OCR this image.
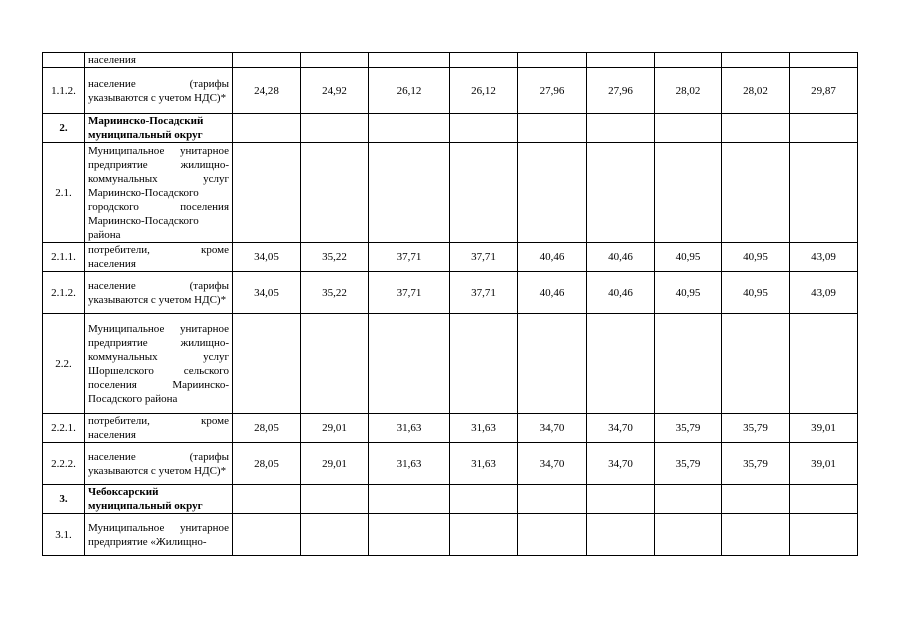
	населения									
1.1.2.	население (тарифы указываются с учетом НДС)*	24,28	24,92	26,12	26,12	27,96	27,96	28,02	28,02	29,87
2.	Мариинско-Посадский муниципальный округ									
2.1.	Муниципальное унитарное предприятие жилищно-коммунальных услуг Мариинско-Посадского городского поселения Мариинско-Посадского района									
2.1.1.	потребители, кроме населения	34,05	35,22	37,71	37,71	40,46	40,46	40,95	40,95	43,09
2.1.2.	население (тарифы указываются с учетом НДС)*	34,05	35,22	37,71	37,71	40,46	40,46	40,95	40,95	43,09
2.2.	Муниципальное унитарное предприятие жилищно- коммунальных услуг Шоршелского сельского поселения Мариинско-Посадского района									
2.2.1.	потребители, кроме населения	28,05	29,01	31,63	31,63	34,70	34,70	35,79	35,79	39,01
2.2.2.	население (тарифы указываются с учетом НДС)*	28,05	29,01	31,63	31,63	34,70	34,70	35,79	35,79	39,01
3.	Чебоксарский муниципальный округ									
3.1.	Муниципальное унитарное предприятие «Жилищно-									
